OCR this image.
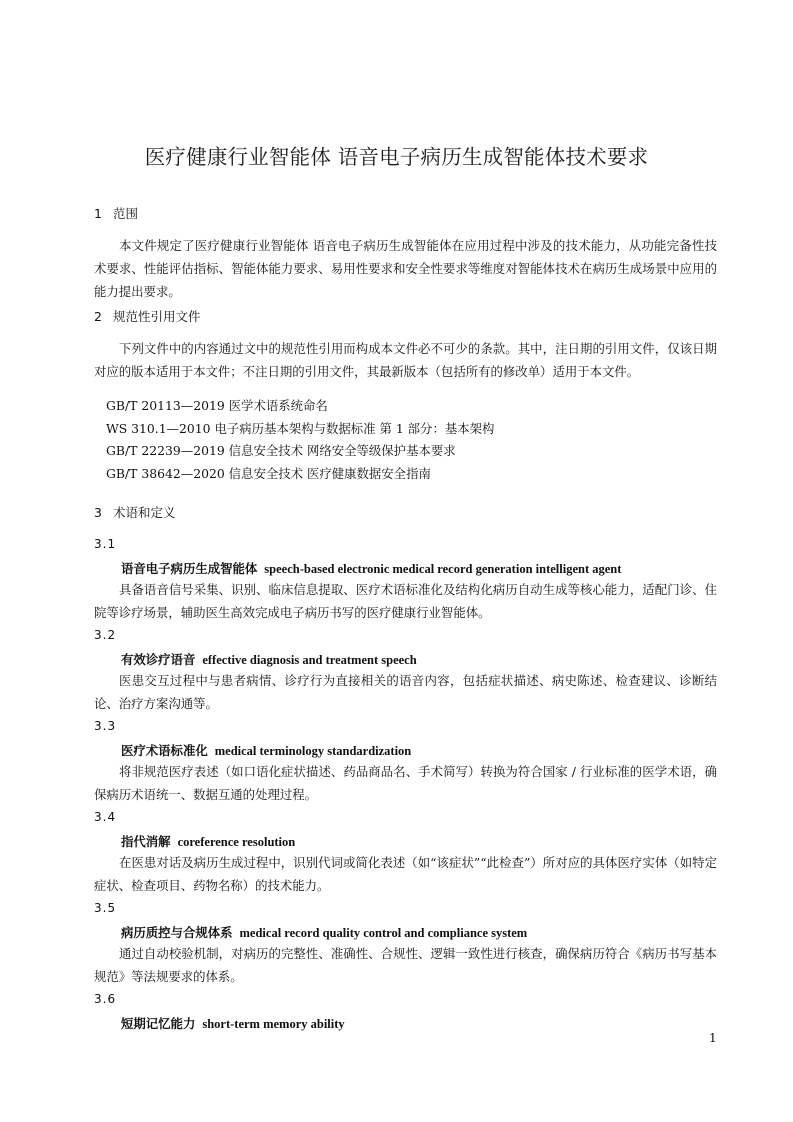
医疗健康行业智能体 语音电子病历生成智能体技术要求
1 范围
本文件规定了医疗健康行业智能体 语音电子病历生成智能体在应用过程中涉及的技术能力，从功能完备性技术要求、性能评估指标、智能体能力要求、易用性要求和安全性要求等维度对智能体技术在病历生成场景中应用的能力提出要求。
2 规范性引用文件
下列文件中的内容通过文中的规范性引用而构成本文件必不可少的条款。其中，注日期的引用文件，仅该日期对应的版本适用于本文件；不注日期的引用文件，其最新版本（包括所有的修改单）适用于本文件。
GB/T 20113—2019 医学术语系统命名
WS 310.1—2010 电子病历基本架构与数据标准 第 1 部分：基本架构
GB/T 22239—2019 信息安全技术 网络安全等级保护基本要求
GB/T 38642—2020 信息安全技术 医疗健康数据安全指南
3 术语和定义
3.1
语音电子病历生成智能体 speech-based electronic medical record generation intelligent agent
具备语音信号采集、识别、临床信息提取、医疗术语标准化及结构化病历自动生成等核心能力，适配门诊、住院等诊疗场景，辅助医生高效完成电子病历书写的医疗健康行业智能体。
3.2
有效诊疗语音 effective diagnosis and treatment speech
医患交互过程中与患者病情、诊疗行为直接相关的语音内容，包括症状描述、病史陈述、检查建议、诊断结论、治疗方案沟通等。
3.3
医疗术语标准化 medical terminology standardization
将非规范医疗表述（如口语化症状描述、药品商品名、手术简写）转换为符合国家 / 行业标准的医学术语，确保病历术语统一、数据互通的处理过程。
3.4
指代消解 coreference resolution
在医患对话及病历生成过程中，识别代词或简化表述（如“该症状”“此检查”）所对应的具体医疗实体（如特定症状、检查项目、药物名称）的技术能力。
3.5
病历质控与合规体系 medical record quality control and compliance system
通过自动校验机制，对病历的完整性、准确性、合规性、逻辑一致性进行核查，确保病历符合《病历书写基本规范》等法规要求的体系。
3.6
短期记忆能力 short-term memory ability
1
